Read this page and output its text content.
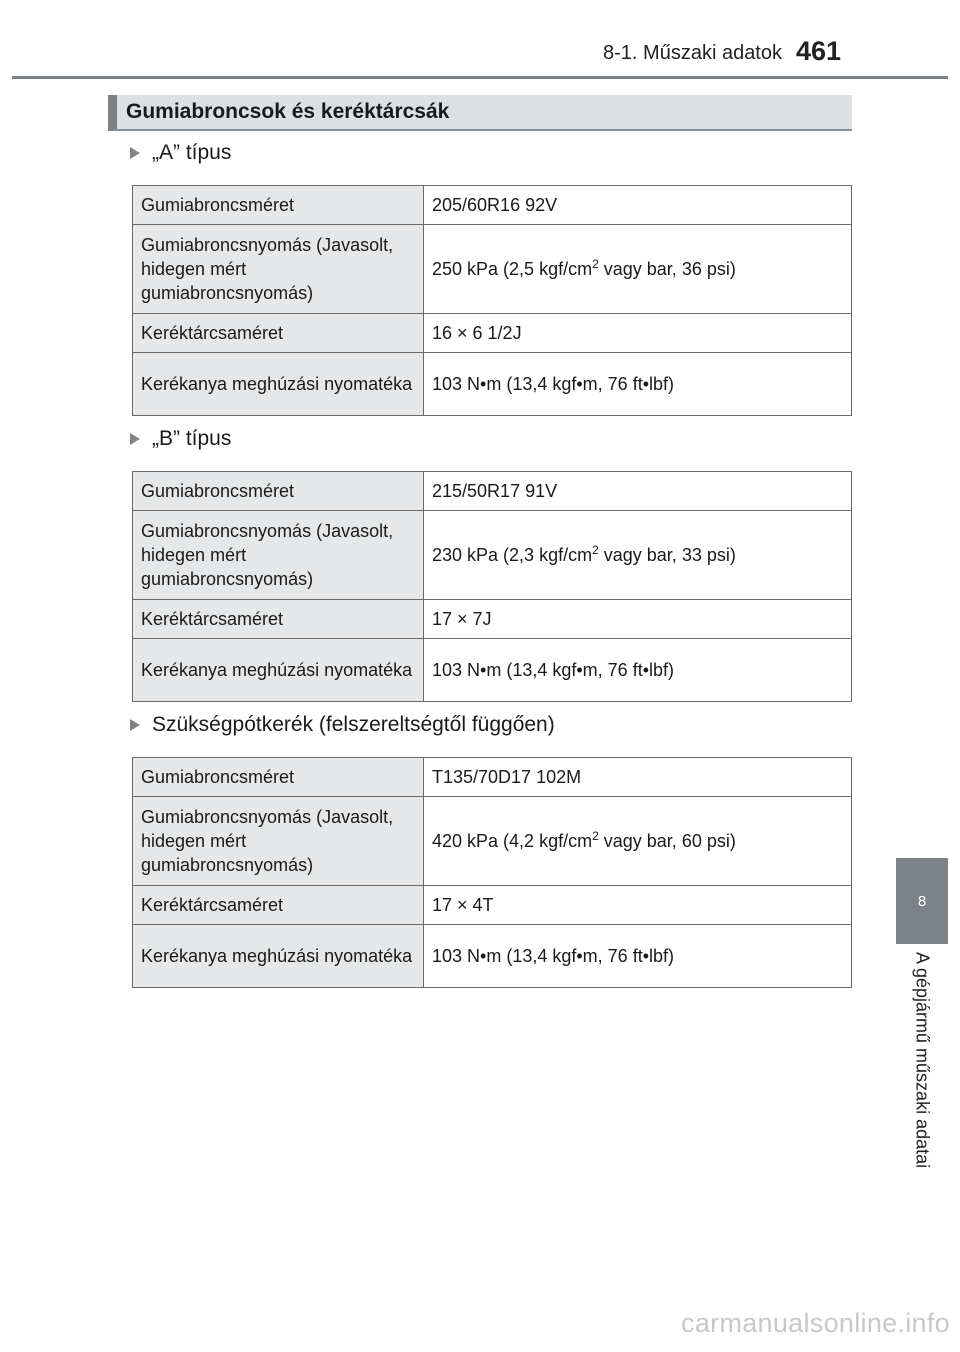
8-1. Műszaki adatok 461
8
A gépjármű műszaki adatai
Gumiabroncsok és keréktárcsák
„A” típus
Gumiabroncsméret	205/60R16 92V
Gumiabroncsnyomás (Javasolt, hidegen mért gumiabroncsnyomás)	250 kPa (2,5 kgf/$cm^2$ vagy bar, 36 psi)
Keréktárcsaméret	16 × 6 1/2J
Kerékanya meghúzási nyomatéka	103 N•m (13,4 kgf•m, 76 ft•lbf)
„B” típus
Gumiabroncsméret	215/50R17 91V
Gumiabroncsnyomás (Javasolt, hidegen mért gumiabroncsnyomás)	230 kPa (2,3 kgf/$cm^2$ vagy bar, 33 psi)
Keréktárcsaméret	17 × 7J
Kerékanya meghúzási nyomatéka	103 N•m (13,4 kgf•m, 76 ft•lbf)
Szükségpótkerék (felszereltségtől függően)
Gumiabroncsméret	T135/70D17 102M
Gumiabroncsnyomás (Javasolt, hidegen mért gumiabroncsnyomás)	420 kPa (4,2 kgf/$cm^2$ vagy bar, 60 psi)
Keréktárcsaméret	17 × 4T
Kerékanya meghúzási nyomatéka	103 N•m (13,4 kgf•m, 76 ft•lbf)
carmanualsonline.info
